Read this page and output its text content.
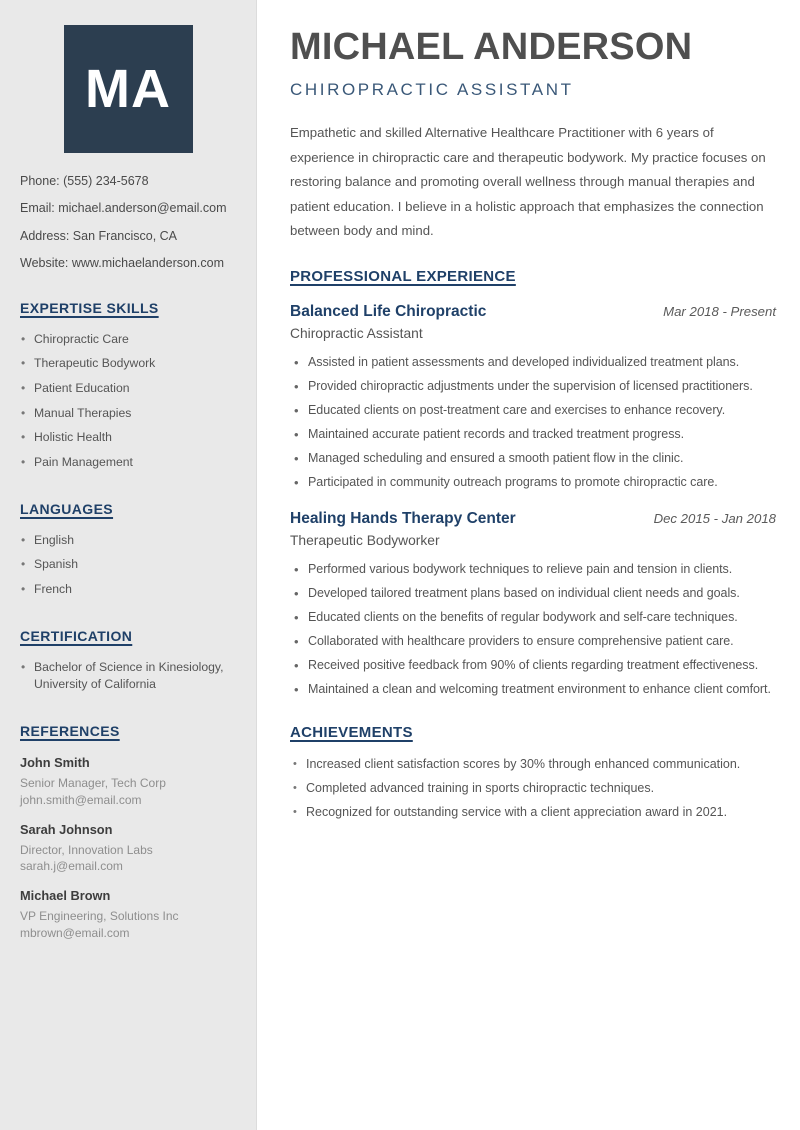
MA
Phone: (555) 234-5678
Email: michael.anderson@email.com
Address: San Francisco, CA
Website: www.michaelanderson.com
EXPERTISE SKILLS
• Chiropractic Care
• Therapeutic Bodywork
• Patient Education
• Manual Therapies
• Holistic Health
• Pain Management
LANGUAGES
• English
• Spanish
• French
CERTIFICATION
• Bachelor of Science in Kinesiology, University of California
REFERENCES
John Smith
Senior Manager, Tech Corp
john.smith@email.com
Sarah Johnson
Director, Innovation Labs
sarah.j@email.com
Michael Brown
VP Engineering, Solutions Inc
mbrown@email.com
MICHAEL ANDERSON
CHIROPRACTIC ASSISTANT

Empathetic and skilled Alternative Healthcare Practitioner with 6 years of experience in chiropractic care and therapeutic bodywork. My practice focuses on restoring balance and promoting overall wellness through manual therapies and patient education. I believe in a holistic approach that emphasizes the connection between body and mind.

PROFESSIONAL EXPERIENCE
Balanced Life Chiropractic	Mar 2018 - Present
Chiropractic Assistant
• Assisted in patient assessments and developed individualized treatment plans.
• Provided chiropractic adjustments under the supervision of licensed practitioners.
• Educated clients on post-treatment care and exercises to enhance recovery.
• Maintained accurate patient records and tracked treatment progress.
• Managed scheduling and ensured a smooth patient flow in the clinic.
• Participated in community outreach programs to promote chiropractic care.
Healing Hands Therapy Center	Dec 2015 - Jan 2018
Therapeutic Bodyworker
• Performed various bodywork techniques to relieve pain and tension in clients.
• Developed tailored treatment plans based on individual client needs and goals.
• Educated clients on the benefits of regular bodywork and self-care techniques.
• Collaborated with healthcare providers to ensure comprehensive patient care.
• Received positive feedback from 90% of clients regarding treatment effectiveness.
• Maintained a clean and welcoming treatment environment to enhance client comfort.
ACHIEVEMENTS
• Increased client satisfaction scores by 30% through enhanced communication.
• Completed advanced training in sports chiropractic techniques.
• Recognized for outstanding service with a client appreciation award in 2021.
